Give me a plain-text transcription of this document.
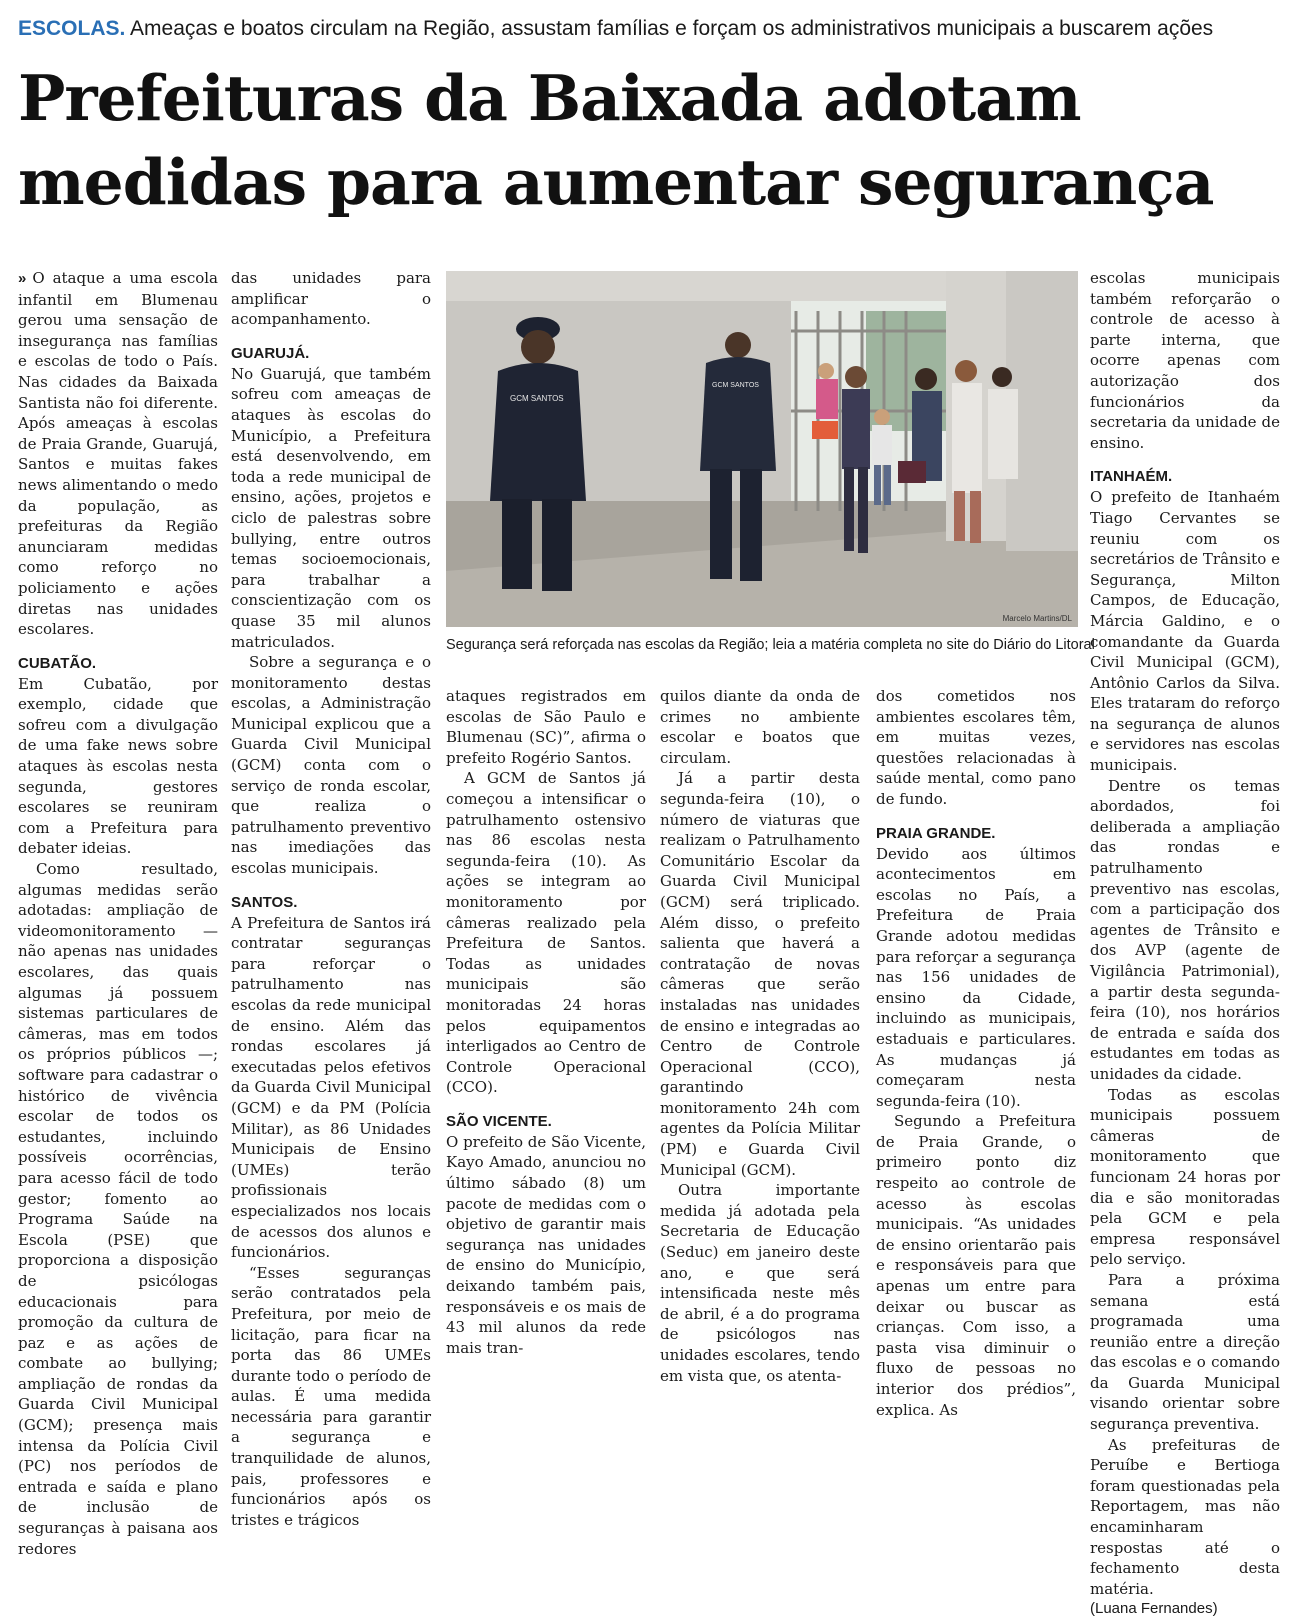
ESCOLAS. Ameaças e boatos circulam na Região, assustam famílias e forçam os administrativos municipais a buscarem ações
Prefeituras da Baixada adotam
medidas para aumentar segurança

» O ataque a uma escola infantil em Blumenau gerou uma sensação de insegurança nas famílias e escolas de todo o País. Nas cidades da Baixada Santista não foi diferente. Após ameaças à escolas de Praia Grande, Guarujá, Santos e muitas fakes news alimentando o medo da população, as prefeituras da Região anunciaram medidas como reforço no policiamento e ações diretas nas unidades escolares.

CUBATÃO.

Em Cubatão, por exemplo, cidade que sofreu com a divulgação de uma fake news sobre ataques às escolas nesta segunda, gestores escolares se reuniram com a Prefeitura para debater ideias.

Como resultado, algumas medidas serão adotadas: ampliação de videomonitoramento — não apenas nas unidades escolares, das quais algumas já possuem sistemas particulares de câmeras, mas em todos os próprios públicos —; software para cadastrar o histórico de vivência escolar de todos os estudantes, incluindo possíveis ocorrências, para acesso fácil de todo gestor; fomento ao Programa Saúde na Escola (PSE) que proporciona a disposição de psicólogas educacionais para promoção da cultura de paz e as ações de combate ao bullying; ampliação de rondas da Guarda Civil Municipal (GCM); presença mais intensa da Polícia Civil (PC) nos períodos de entrada e saída e plano de inclusão de seguranças à paisana aos redores

das unidades para amplificar o acompanhamento.

GUARUJÁ.

No Guarujá, que também sofreu com ameaças de ataques às escolas do Município, a Prefeitura está desenvolvendo, em toda a rede municipal de ensino, ações, projetos e ciclo de palestras sobre bullying, entre outros temas socioemocionais, para trabalhar a conscientização com os quase 35 mil alunos matriculados.

Sobre a segurança e o monitoramento destas escolas, a Administração Municipal explicou que a Guarda Civil Municipal (GCM) conta com o serviço de ronda escolar, que realiza o patrulhamento preventivo nas imediações das escolas municipais.

SANTOS.

A Prefeitura de Santos irá contratar seguranças para reforçar o patrulhamento nas escolas da rede municipal de ensino. Além das rondas escolares já executadas pelos efetivos da Guarda Civil Municipal (GCM) e da PM (Polícia Militar), as 86 Unidades Municipais de Ensino (UMEs) terão profissionais especializados nos locais de acessos dos alunos e funcionários.

“Esses seguranças serão contratados pela Prefeitura, por meio de licitação, para ficar na porta das 86 UMEs durante todo o período de aulas. É uma medida necessária para garantir a segurança e tranquilidade de alunos, pais, professores e funcionários após os tristes e trágicos

GCM SANTOS
GCM SANTOS
Marcelo Martins/DL
Segurança será reforçada nas escolas da Região; leia a matéria completa no site do Diário do Litoral

ataques registrados em escolas de São Paulo e Blumenau (SC)”, afirma o prefeito Rogério Santos.

A GCM de Santos já começou a intensificar o patrulhamento ostensivo nas 86 escolas nesta segunda-feira (10). As ações se integram ao monitoramento por câmeras realizado pela Prefeitura de Santos. Todas as unidades municipais são monitoradas 24 horas pelos equipamentos interligados ao Centro de Controle Operacional (CCO).

SÃO VICENTE.

O prefeito de São Vicente, Kayo Amado, anunciou no último sábado (8) um pacote de medidas com o objetivo de garantir mais segurança nas unidades de ensino do Município, deixando também pais, responsáveis e os mais de 43 mil alunos da rede mais tran-

quilos diante da onda de crimes no ambiente escolar e boatos que circulam.

Já a partir desta segunda-feira (10), o número de viaturas que realizam o Patrulhamento Comunitário Escolar da Guarda Civil Municipal (GCM) será triplicado. Além disso, o prefeito salienta que haverá a contratação de novas câmeras que serão instaladas nas unidades de ensino e integradas ao Centro de Controle Operacional (CCO), garantindo monitoramento 24h com agentes da Polícia Militar (PM) e Guarda Civil Municipal (GCM).

Outra importante medida já adotada pela Secretaria de Educação (Seduc) em janeiro deste ano, e que será intensificada neste mês de abril, é a do programa de psicólogos nas unidades escolares, tendo em vista que, os atenta-

dos cometidos nos ambientes escolares têm, em muitas vezes, questões relacionadas à saúde mental, como pano de fundo.

PRAIA GRANDE.

Devido aos últimos acontecimentos em escolas no País, a Prefeitura de Praia Grande adotou medidas para reforçar a segurança nas 156 unidades de ensino da Cidade, incluindo as municipais, estaduais e particulares. As mudanças já começaram nesta segunda-feira (10).

Segundo a Prefeitura de Praia Grande, o primeiro ponto diz respeito ao controle de acesso às escolas municipais. “As unidades de ensino orientarão pais e responsáveis para que apenas um entre para deixar ou buscar as crianças. Com isso, a pasta visa diminuir o fluxo de pessoas no interior dos prédios”, explica. As

escolas municipais também reforçarão o controle de acesso à parte interna, que ocorre apenas com autorização dos funcionários da secretaria da unidade de ensino.

ITANHAÉM.

O prefeito de Itanhaém Tiago Cervantes se reuniu com os secretários de Trânsito e Segurança, Milton Campos, de Educação, Márcia Galdino, e o comandante da Guarda Civil Municipal (GCM), Antônio Carlos da Silva. Eles trataram do reforço na segurança de alunos e servidores nas escolas municipais.

Dentre os temas abordados, foi deliberada a ampliação das rondas e patrulhamento preventivo nas escolas, com a participação dos agentes de Trânsito e dos AVP (agente de Vigilância Patrimonial), a partir desta segunda-feira (10), nos horários de entrada e saída dos estudantes em todas as unidades da cidade.

Todas as escolas municipais possuem câmeras de monitoramento que funcionam 24 horas por dia e são monitoradas pela GCM e pela empresa responsável pelo serviço.

Para a próxima semana está programada uma reunião entre a direção das escolas e o comando da Guarda Municipal visando orientar sobre segurança preventiva.

As prefeituras de Peruíbe e Bertioga foram questionadas pela Reportagem, mas não encaminharam respostas até o fechamento desta matéria.

(Luana Fernandes)
